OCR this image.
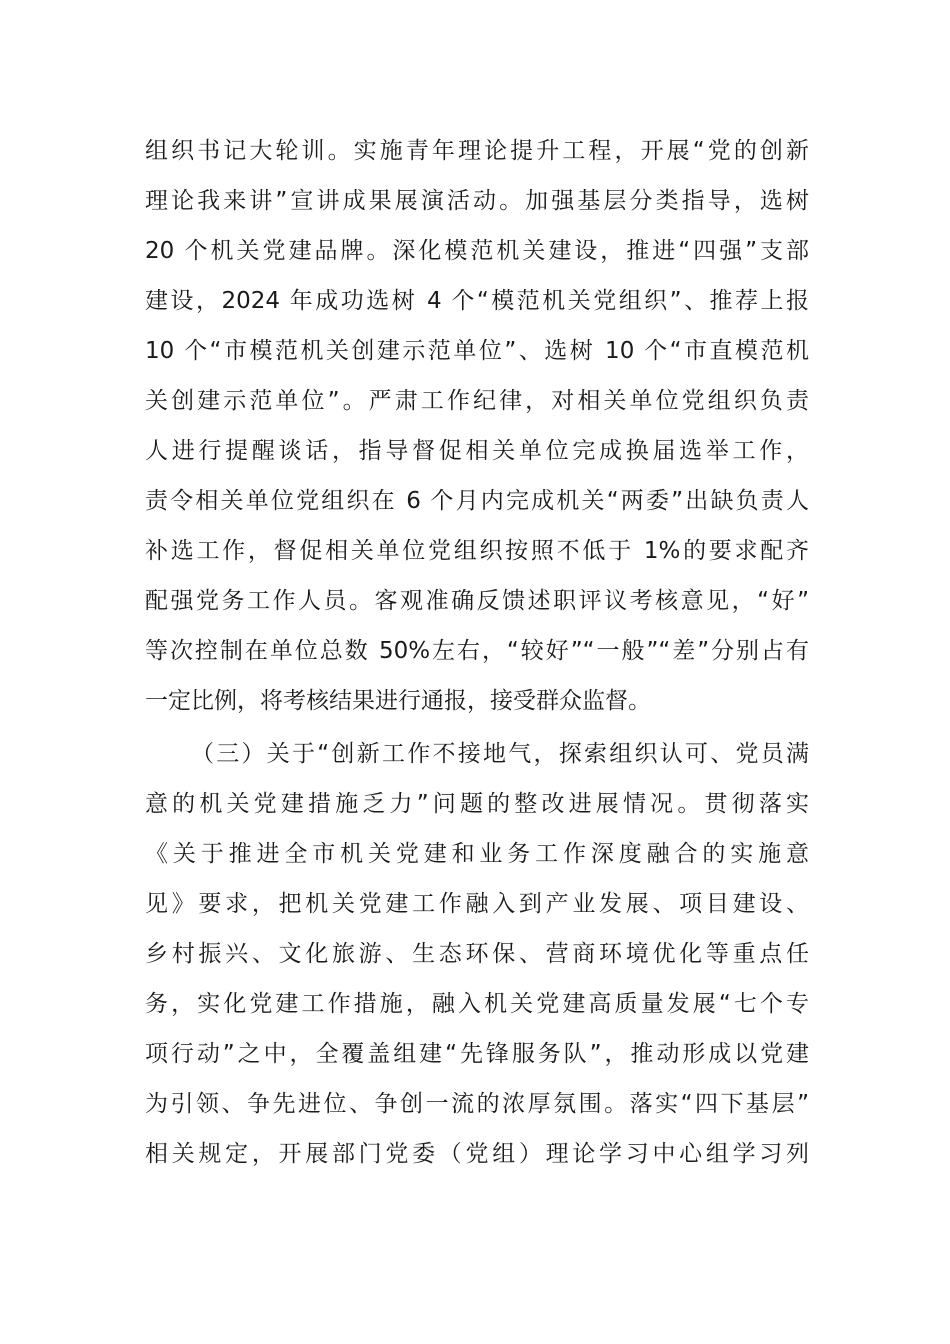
组织书记大轮训。实施青年理论提升工程，开展“党的创新
理论我来讲”宣讲成果展演活动。加强基层分类指导，选树
20 个机关党建品牌。深化模范机关建设，推进“四强”支部
建设，2024 年成功选树 4 个“模范机关党组织”、推荐上报
10 个“市模范机关创建示范单位”、选树 10 个“市直模范机
关创建示范单位”。严肃工作纪律，对相关单位党组织负责
人进行提醒谈话，指导督促相关单位完成换届选举工作，
责令相关单位党组织在 6 个月内完成机关“两委”出缺负责人
补选工作，督促相关单位党组织按照不低于 1%的要求配齐
配强党务工作人员。客观准确反馈述职评议考核意见，“好”
等次控制在单位总数 50%左右，“较好”“一般”“差”分别占有
一定比例，将考核结果进行通报，接受群众监督。
（三）关于“创新工作不接地气，探索组织认可、党员满
意的机关党建措施乏力”问题的整改进展情况。贯彻落实
《关于推进全市机关党建和业务工作深度融合的实施意
见》要求，把机关党建工作融入到产业发展、项目建设、
乡村振兴、文化旅游、生态环保、营商环境优化等重点任
务，实化党建工作措施，融入机关党建高质量发展“七个专
项行动”之中，全覆盖组建“先锋服务队”，推动形成以党建
为引领、争先进位、争创一流的浓厚氛围。落实“四下基层”
相关规定，开展部门党委（党组）理论学习中心组学习列
